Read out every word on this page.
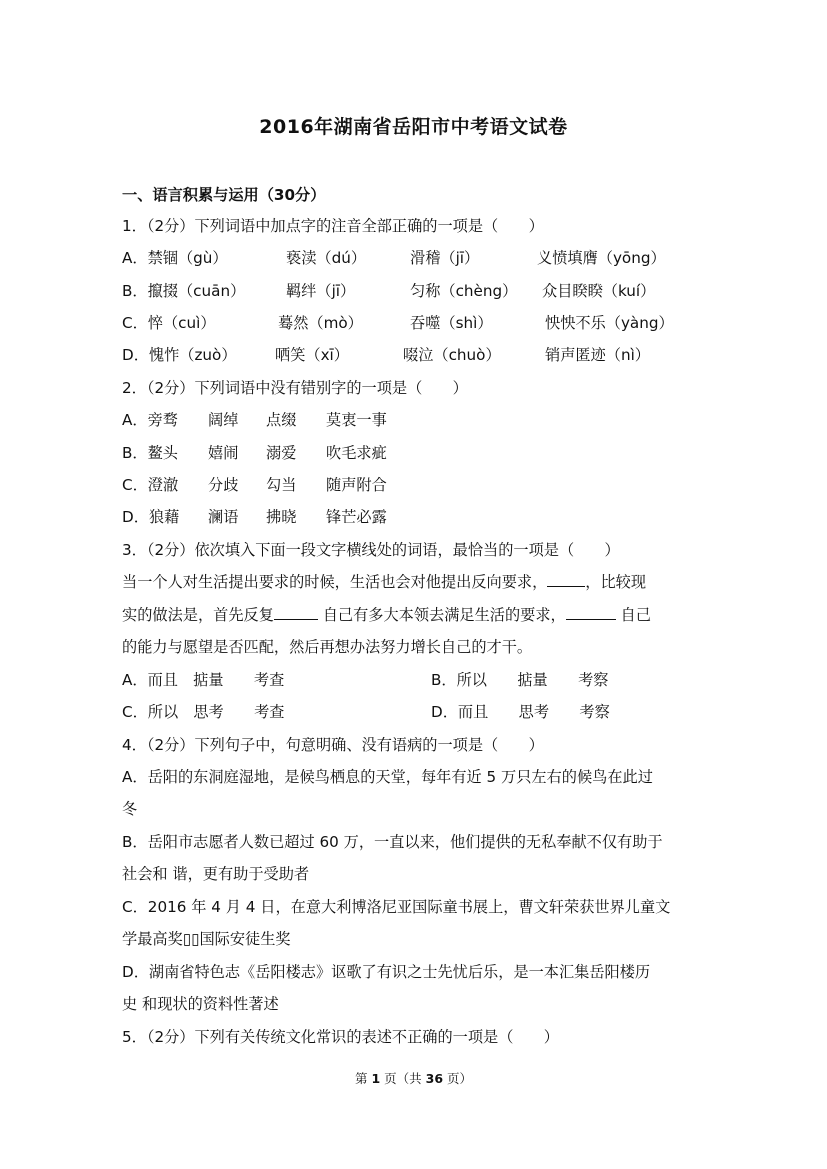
2016年湖南省岳阳市中考语文试卷
一、语言积累与运用（30分）
1．（2分）下列词语中加点字的注音全部正确的一项是（　　）
A．禁锢（gù）	亵渎（dú）	滑稽（jī）	义愤填膺（yōng）
B．攛掇（cuān）	羁绊（jī）	匀称（chèng） 众目睽睽（kuí）
C．悴（cuì）	蓦然（mò）	吞噬（shì）	怏怏不乐（yàng）
D．愧怍（zuò）	哂笑（xī）	啜泣（chuò）	销声匿迹（nì）
2．（2分）下列词语中没有错别字的一项是（　　）
A．旁骛 阔绰 点缀 莫衷一事
B．鳌头 嬉闹 溺爱 吹毛求疵
C．澄澈 分歧 勾当 随声附合
D．狼藉 澜语 拂晓 锋芒必露
3．（2分）依次填入下面一段文字横线处的词语，最恰当的一项是（　　）
当一个人对生活提出要求的时候，生活也会对他提出反向要求，	，比较现
实的做法是，首先反复	自己有多大本领去满足生活的要求，	自己
的能力与愿望是否匹配，然后再想办法努力增长自己的才干。
A．而且　掂量　　考查	B．所以　　掂量　　考察
C．所以　思考　　考查	D．而且　　思考　　考察
4．（2分）下列句子中，句意明确、没有语病的一项是（　　）
A．岳阳的东洞庭湿地，是候鸟栖息的天堂，每年有近 5 万只左右的候鸟在此过
冬
B．岳阳市志愿者人数已超过 60 万，一直以来，他们提供的无私奉献不仅有助于
社会和 谐，更有助于受助者
C．2016 年 4 月 4 日，在意大利博洛尼亚国际童书展上，曹文轩荣获世界儿童文
学最高奖▯▯国际安徒生奖
D．湖南省特色志《岳阳楼志》讴歌了有识之士先忧后乐，是一本汇集岳阳楼历
史 和现状的资料性著述
5．（2分）下列有关传统文化常识的表述不正确的一项是（　　）
第 1 页（共 36 页）
